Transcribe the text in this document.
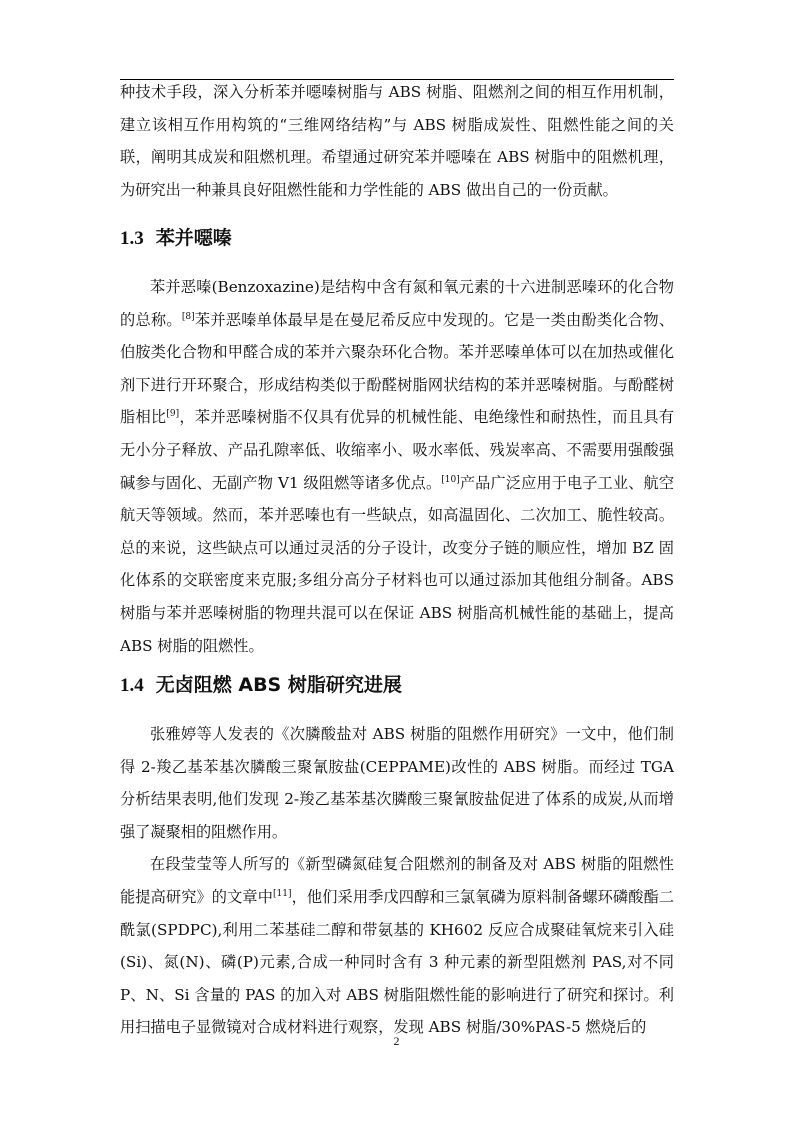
种技术手段，深入分析苯并噁嗪树脂与 ABS 树脂、阻燃剂之间的相互作用机制，建立该相互作用构筑的“三维网络结构”与 ABS 树脂成炭性、阻燃性能之间的关联，阐明其成炭和阻燃机理。希望通过研究苯并噁嗪在 ABS 树脂中的阻燃机理，为研究出一种兼具良好阻燃性能和力学性能的 ABS 做出自己的一份贡献。

1.3 苯并噁嗪

苯并恶嗪(Benzoxazine)是结构中含有氮和氧元素的十六进制恶嗪环的化合物的总称。[8]苯并恶嗪单体最早是在曼尼希反应中发现的。它是一类由酚类化合物、伯胺类化合物和甲醛合成的苯并六聚杂环化合物。苯并恶嗪单体可以在加热或催化剂下进行开环聚合，形成结构类似于酚醛树脂网状结构的苯并恶嗪树脂。与酚醛树脂相比[9]，苯并恶嗪树脂不仅具有优异的机械性能、电绝缘性和耐热性，而且具有无小分子释放、产品孔隙率低、收缩率小、吸水率低、残炭率高、不需要用强酸强碱参与固化、无副产物 V1 级阻燃等诸多优点。[10]产品广泛应用于电子工业、航空航天等领域。然而，苯并恶嗪也有一些缺点，如高温固化、二次加工、脆性较高。总的来说，这些缺点可以通过灵活的分子设计，改变分子链的顺应性，增加 BZ 固化体系的交联密度来克服;多组分高分子材料也可以通过添加其他组分制备。ABS 树脂与苯并恶嗪树脂的物理共混可以在保证 ABS 树脂高机械性能的基础上，提高 ABS 树脂的阻燃性。

1.4 无卤阻燃 ABS 树脂研究进展

张雅婷等人发表的《次膦酸盐对 ABS 树脂的阻燃作用研究》一文中，他们制得 2-羧乙基苯基次膦酸三聚氰胺盐(CEPPAME)改性的 ABS 树脂。而经过 TGA 分析结果表明,他们发现 2-羧乙基苯基次膦酸三聚氰胺盐促进了体系的成炭,从而增强了凝聚相的阻燃作用。

在段莹莹等人所写的《新型磷氮硅复合阻燃剂的制备及对 ABS 树脂的阻燃性能提高研究》的文章中[11]，他们采用季戊四醇和三氯氧磷为原料制备螺环磷酸酯二酰氯(SPDPC),利用二苯基硅二醇和带氨基的 KH602 反应合成聚硅氧烷来引入硅(Si)、氮(N)、磷(P)元素,合成一种同时含有 3 种元素的新型阻燃剂 PAS,对不同 P、N、Si 含量的 PAS 的加入对 ABS 树脂阻燃性能的影响进行了研究和探讨。利用扫描电子显微镜对合成材料进行观察，发现 ABS 树脂/30%PAS-5 燃烧后的

2
